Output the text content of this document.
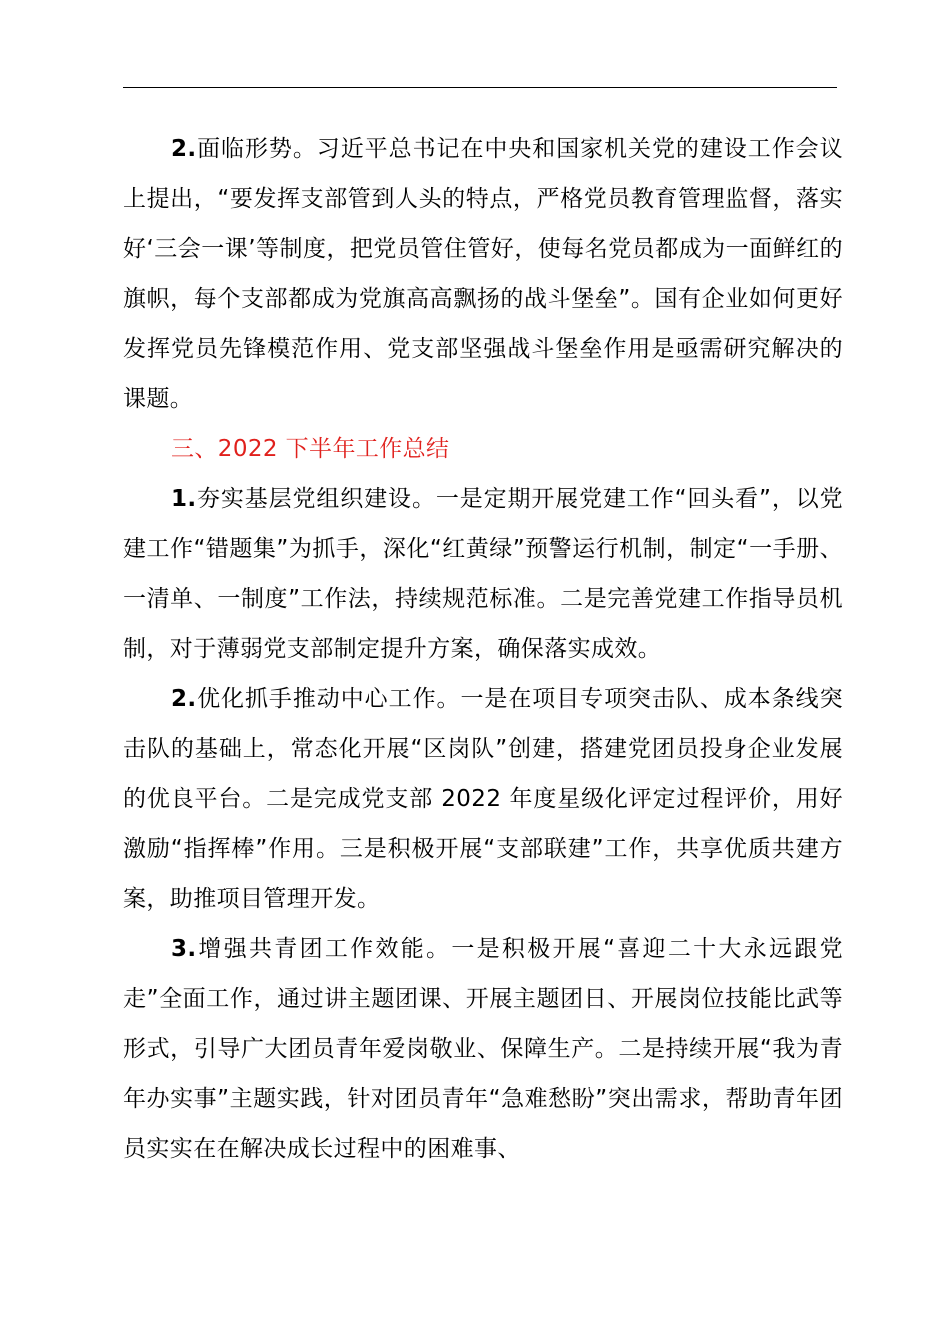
2.面临形势。习近平总书记在中央和国家机关党的建设工作会议上提出，“要发挥支部管到人头的特点，严格党员教育管理监督，落实好‘三会一课’等制度，把党员管住管好，使每名党员都成为一面鲜红的旗帜，每个支部都成为党旗高高飘扬的战斗堡垒”。国有企业如何更好发挥党员先锋模范作用、党支部坚强战斗堡垒作用是亟需研究解决的课题。

三、2022 下半年工作总结

1.夯实基层党组织建设。一是定期开展党建工作“回头看”，以党建工作“错题集”为抓手，深化“红黄绿”预警运行机制，制定“一手册、一清单、一制度”工作法，持续规范标准。二是完善党建工作指导员机制，对于薄弱党支部制定提升方案，确保落实成效。

2.优化抓手推动中心工作。一是在项目专项突击队、成本条线突击队的基础上，常态化开展“区岗队”创建，搭建党团员投身企业发展的优良平台。二是完成党支部 2022 年度星级化评定过程评价，用好激励“指挥棒”作用。三是积极开展“支部联建”工作，共享优质共建方案，助推项目管理开发。

3.增强共青团工作效能。一是积极开展“喜迎二十大永远跟党走”全面工作，通过讲主题团课、开展主题团日、开展岗位技能比武等形式，引导广大团员青年爱岗敬业、保障生产。二是持续开展“我为青年办实事”主题实践，针对团员青年“急难愁盼”突出需求，帮助青年团员实实在在解决成长过程中的困难事、
